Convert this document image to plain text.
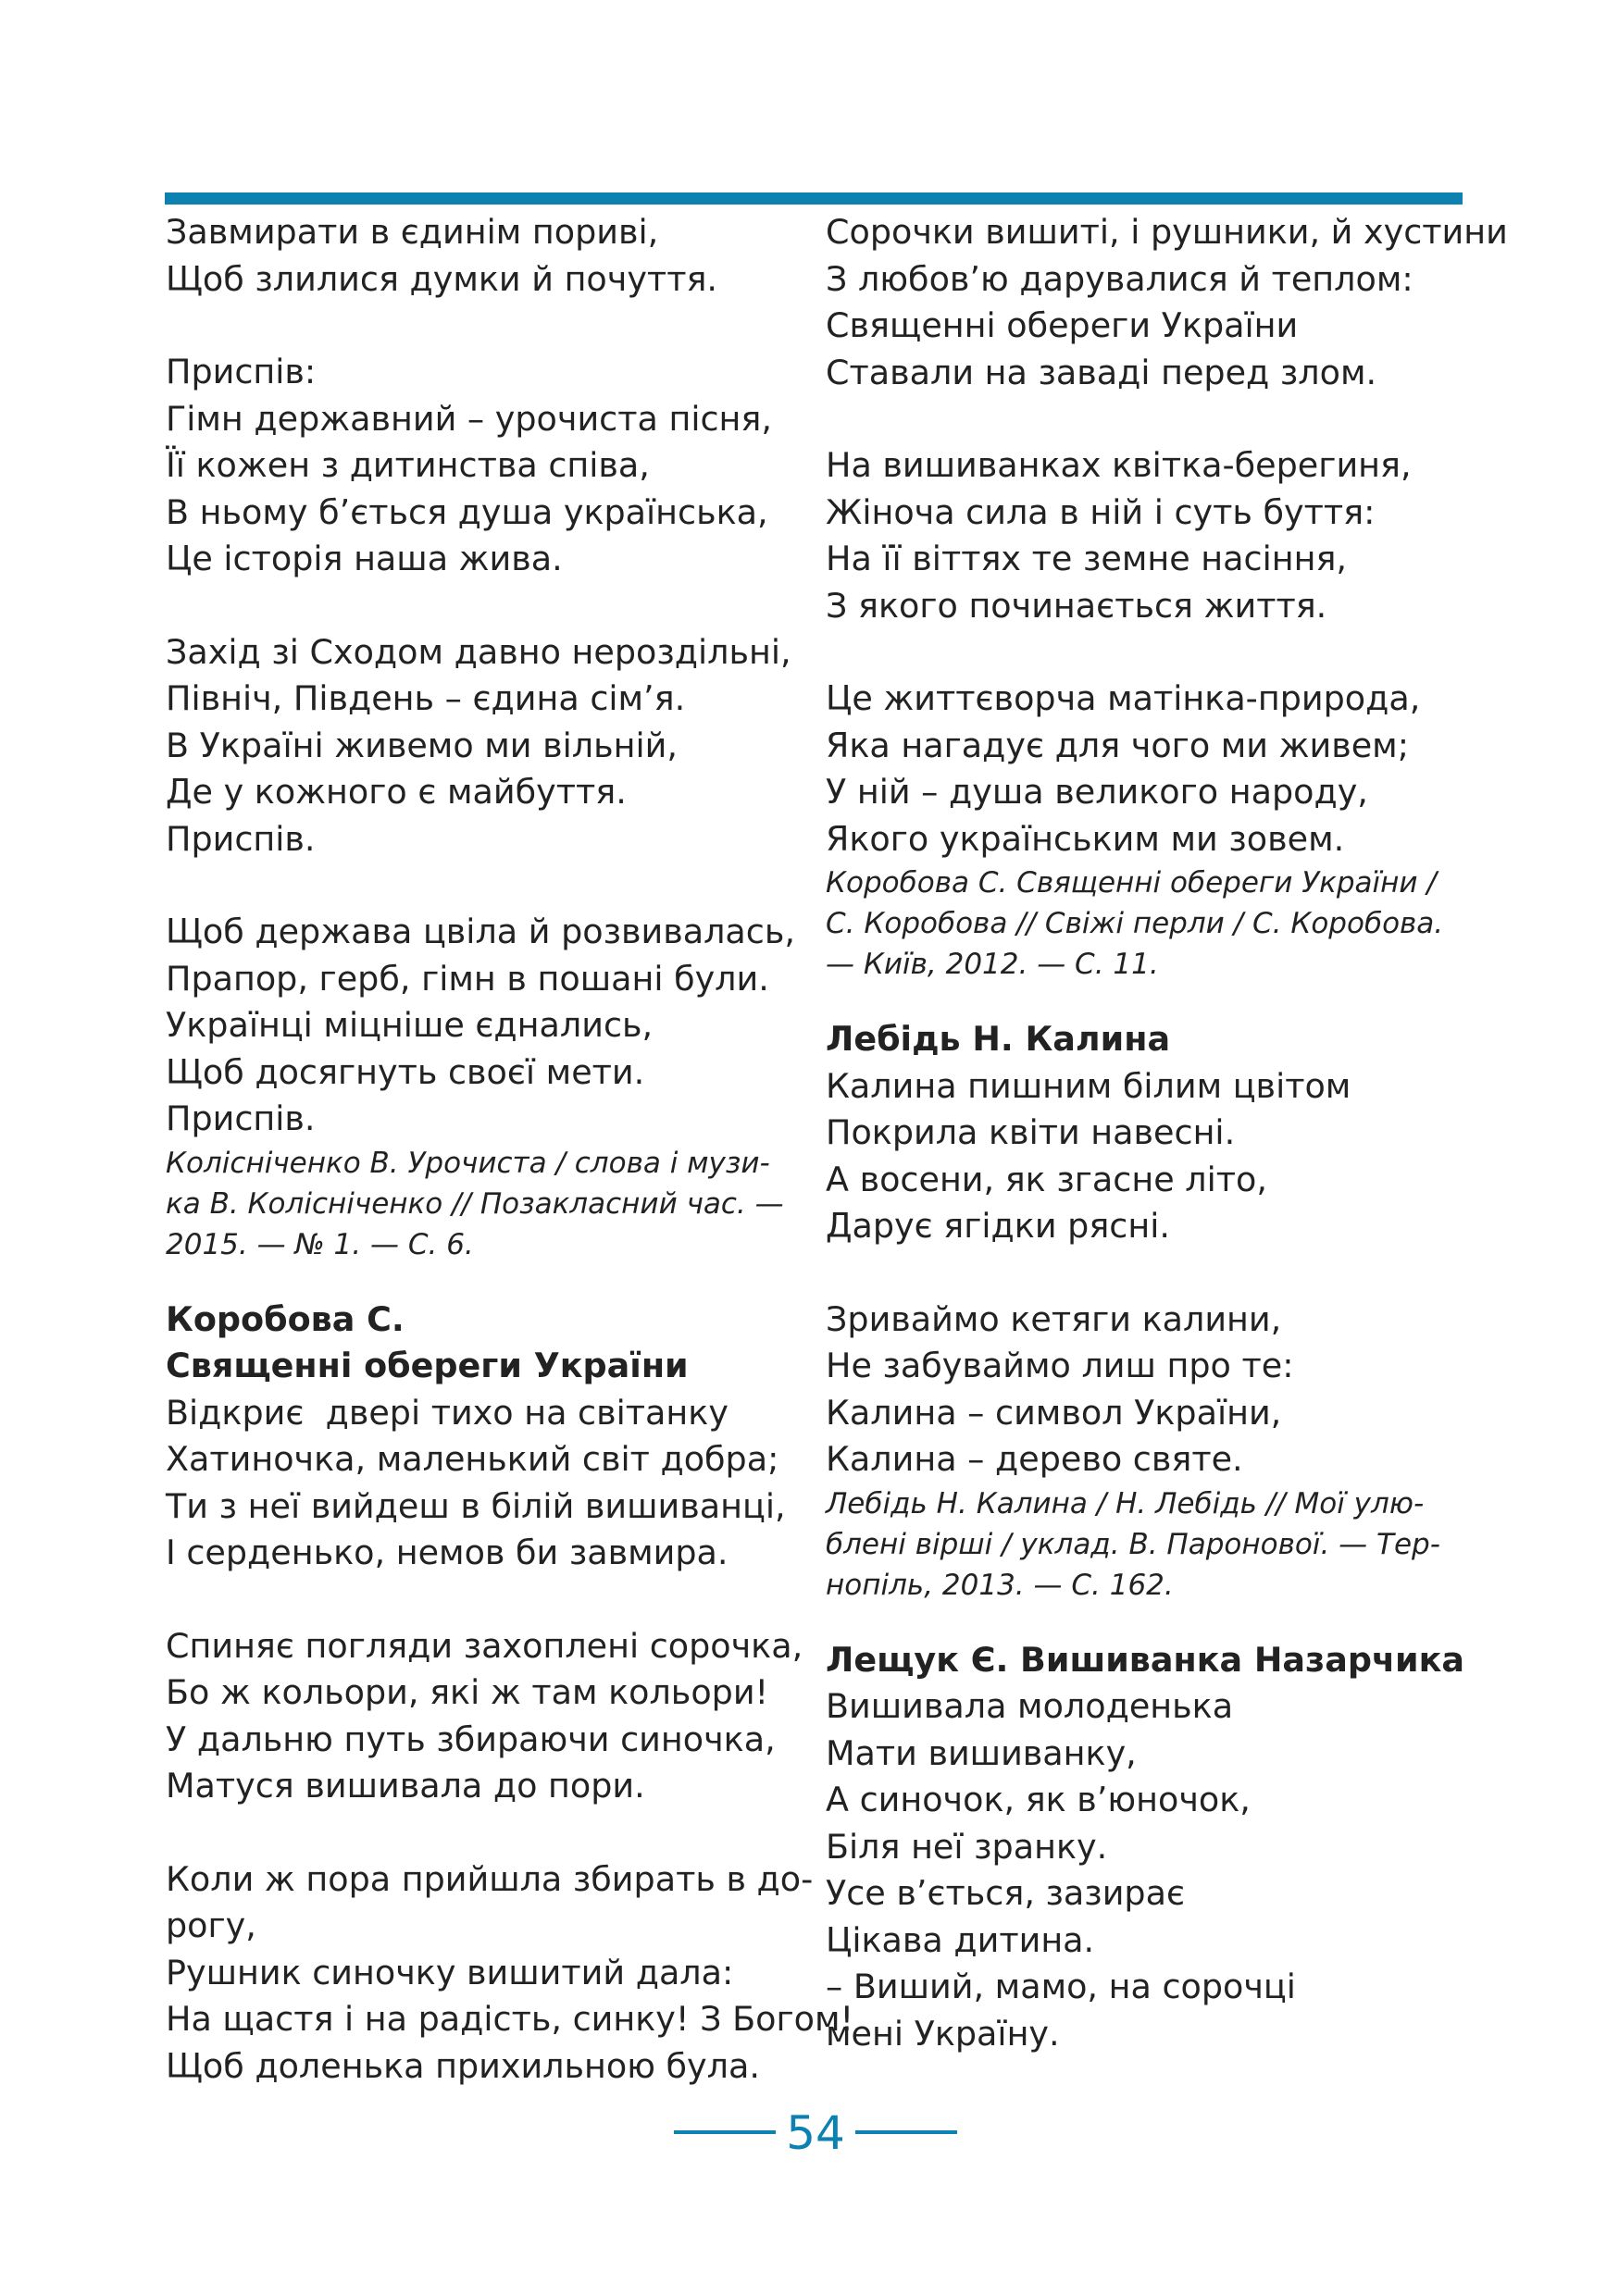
Завмирати в єдинім пориві,
Щоб злилися думки й почуття.
Приспів:
Гімн державний – урочиста пісня,
Її кожен з дитинства співа,
В ньому б’ється душа українська,
Це історія наша жива.
Захід зі Сходом давно нероздільні,
Північ, Південь – єдина сім’я.
В Україні живемо ми вільній,
Де у кожного є майбуття.
Приспів.
Щоб держава цвіла й розвивалась,
Прапор, герб, гімн в пошані були.
Українці міцніше єднались,
Щоб досягнуть своєї мети.
Приспів.
Колісніченко В. Урочиста / слова і музи-
ка В. Колісніченко // Позакласний час. —
2015. — № 1. — С. 6.
Коробова С.
Священні обереги України
Відкриє  двері тихо на світанку
Хатиночка, маленький світ добра;
Ти з неї вийдеш в білій вишиванці,
І серденько, немов би завмира.
Спиняє погляди захоплені сорочка,
Бо ж кольори, які ж там кольори!
У дальню путь збираючи синочка,
Матуся вишивала до пори.
Коли ж пора прийшла збирать в до-
рогу,
Рушник синочку вишитий дала:
На щастя і на радість, синку! З Богом!
Щоб доленька прихильною була.
Сорочки вишиті, і рушники, й хустини
З любов’ю дарувалися й теплом:
Священні обереги України
Ставали на заваді перед злом.
На вишиванках квітка-берегиня,
Жіноча сила в ній і суть буття:
На її віттях те земне насіння,
З якого починається життя.
Це життєворча матінка-природа,
Яка нагадує для чого ми живем;
У ній – душа великого народу,
Якого українським ми зовем.
Коробова С. Священні обереги України /
С. Коробова // Свіжі перли / С. Коробова.
— Київ, 2012. — С. 11.
Лебідь Н. Калина
Калина пишним білим цвітом
Покрила квіти навесні.
А восени, як згасне літо,
Дарує ягідки рясні.
Зриваймо кетяги калини,
Не забуваймо лиш про те:
Калина – символ України,
Калина – дерево святе.
Лебідь Н. Калина / Н. Лебідь // Мої улю-
блені вірші / уклад. В. Паронової. — Тер-
нопіль, 2013. — С. 162.
Лещук Є. Вишиванка Назарчика
Вишивала молоденька
Мати вишиванку,
А синочок, як в’юночок,
Біля неї зранку.
Усе в’ється, зазирає
Цікава дитина.
– Виший, мамо, на сорочці
мені Україну.
54
